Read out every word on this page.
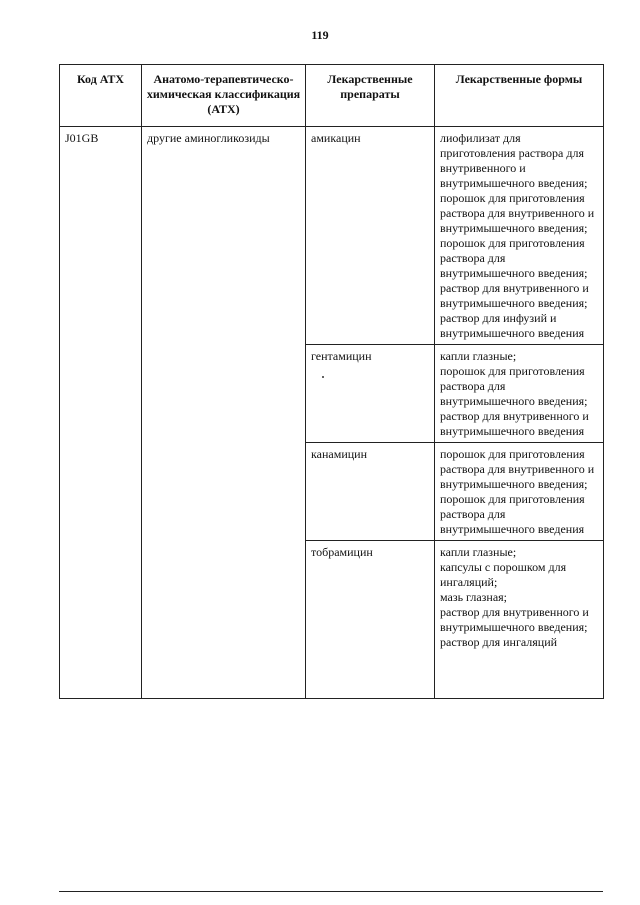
119
Код АТХ	Анатомо-терапевтическо-химическая классификация (АТХ)	Лекарственные препараты	Лекарственные формы
J01GB	другие аминогликозиды	амикацин	лиофилизат для приготовления раствора для внутривенного и внутримышечного введения;
порошок для приготовления раствора для внутривенного и внутримышечного введения;
порошок для приготовления раствора для внутримышечного введения;
раствор для внутривенного и внутримышечного введения;
раствор для инфузий и внутримышечного введения
		гентамицин	капли глазные;
порошок для приготовления раствора для внутримышечного введения;
раствор для внутривенного и внутримышечного введения
		канамицин	порошок для приготовления раствора для внутривенного и внутримышечного введения;
порошок для приготовления раствора для внутримышечного введения
		тобрамицин	капли глазные;
капсулы с порошком для ингаляций;
мазь глазная;
раствор для внутривенного и внутримышечного введения;
раствор для ингаляций
